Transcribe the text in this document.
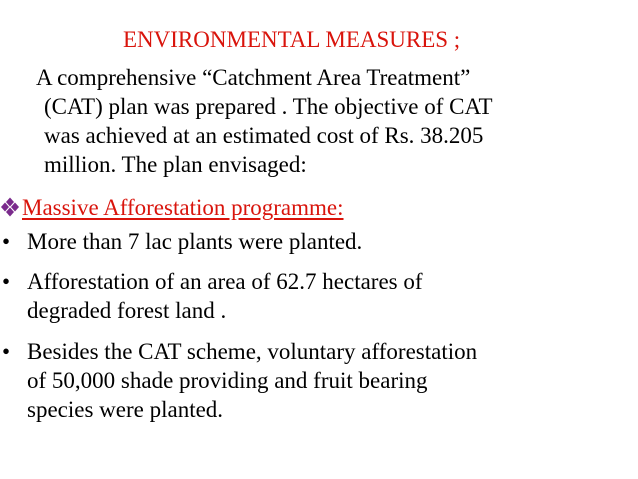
ENVIRONMENTAL MEASURES ;
A comprehensive “Catchment Area Treatment”
(CAT) plan was prepared . The objective of CAT
was achieved at an estimated cost of Rs. 38.205
million. The plan envisaged:
Massive Afforestation programme:
• More than 7 lac plants were planted.
• Afforestation of an area of 62.7 hectares of
degraded forest land .
• Besides the CAT scheme, voluntary afforestation
of 50,000 shade providing and fruit bearing
species were planted.
